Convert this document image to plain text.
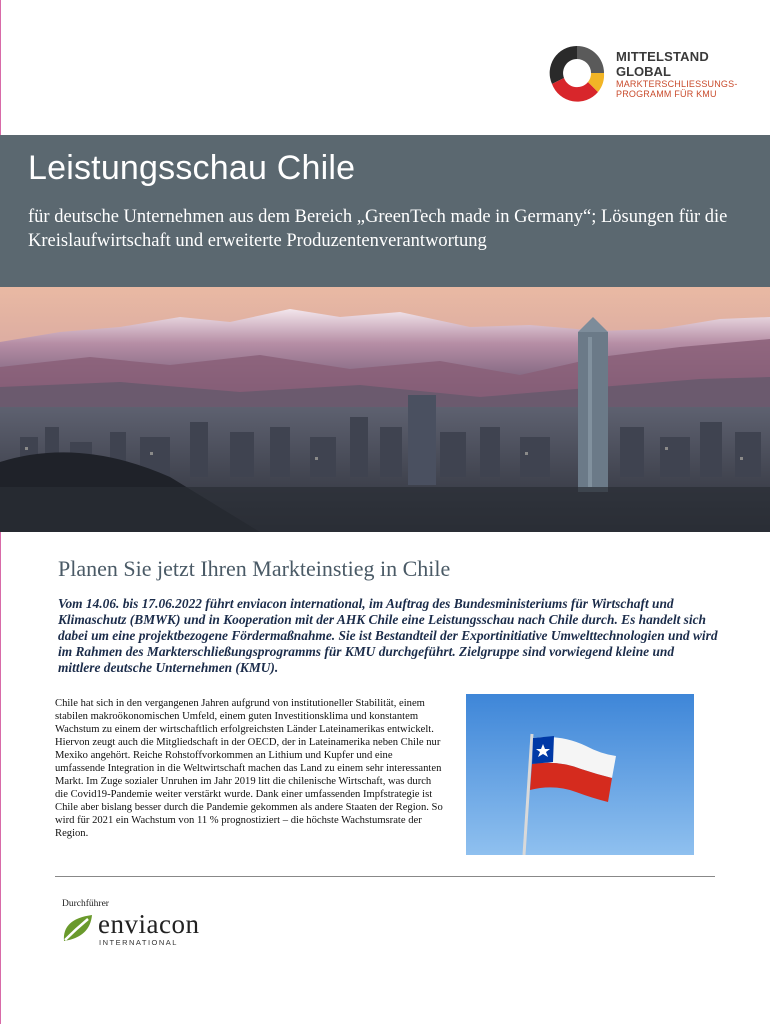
MITTELSTAND
GLOBAL
MARKTERSCHLIESSUNGS-
PROGRAMM FÜR KMU
Leistungsschau Chile

für deutsche Unternehmen aus dem Bereich „GreenTech made in Germany“; Lösungen für die Kreislaufwirtschaft und erweiterte Produzentenverantwortung

Planen Sie jetzt Ihren Markteinstieg in Chile

Vom 14.06. bis 17.06.2022 führt enviacon international, im Auftrag des Bundesministeriums für Wirtschaft und Klimaschutz (BMWK) und in Kooperation mit der AHK Chile eine Leistungsschau nach Chile durch. Es handelt sich dabei um eine projektbezogene Fördermaßnahme. Sie ist Bestandteil der Exportinitiative Umwelttechnologien und wird im Rahmen des Markterschließungsprogramms für KMU durchgeführt. Zielgruppe sind vorwiegend kleine und mittlere deutsche Unternehmen (KMU).

Chile hat sich in den vergangenen Jahren aufgrund von institutioneller Stabilität, einem stabilen makroökonomischen Umfeld, einem guten Investitionsklima und konstantem Wachstum zu einem der wirtschaftlich erfolgreichsten Länder Lateinamerikas entwickelt. Hiervon zeugt auch die Mitgliedschaft in der OECD, der in Lateinamerika neben Chile nur Mexiko angehört. Reiche Rohstoffvorkommen an Lithium und Kupfer und eine umfassende Integration in die Weltwirtschaft machen das Land zu einem sehr interessanten Markt. Im Zuge sozialer Unruhen im Jahr 2019 litt die chilenische Wirtschaft, was durch die Covid19-Pandemie weiter verstärkt wurde. Dank einer umfassenden Impfstrategie ist Chile aber bislang besser durch die Pandemie gekommen als andere Staaten der Region. So wird für 2021 ein Wachstum von 11 % prognostiziert – die höchste Wachstumsrate der Region.

Durchführer
enviacon
INTERNATIONAL
